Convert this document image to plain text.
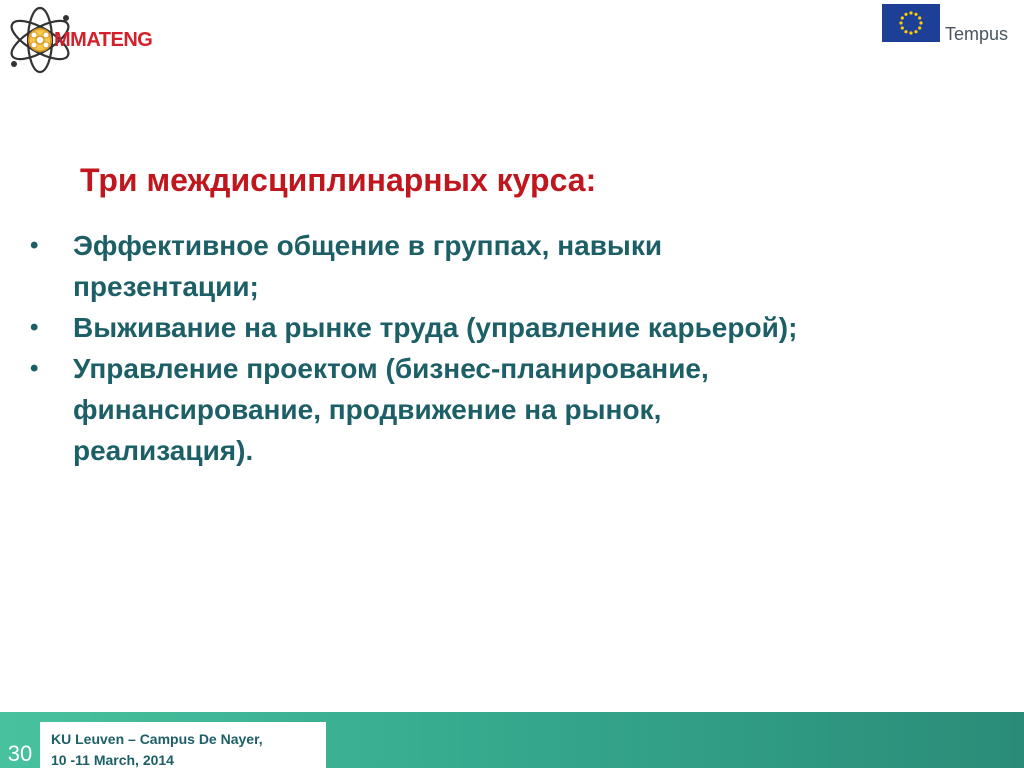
MMATENG	Tempus
Три междисциплинарных курса:
• Эффективное общение в группах, навыки
презентации;
• Выживание на рынке труда (управление карьерой);
• Управление проектом (бизнес-планирование,
финансирование, продвижение на рынок,
реализация).
30
KU Leuven – Campus De Nayer,
10 -11 March, 2014
